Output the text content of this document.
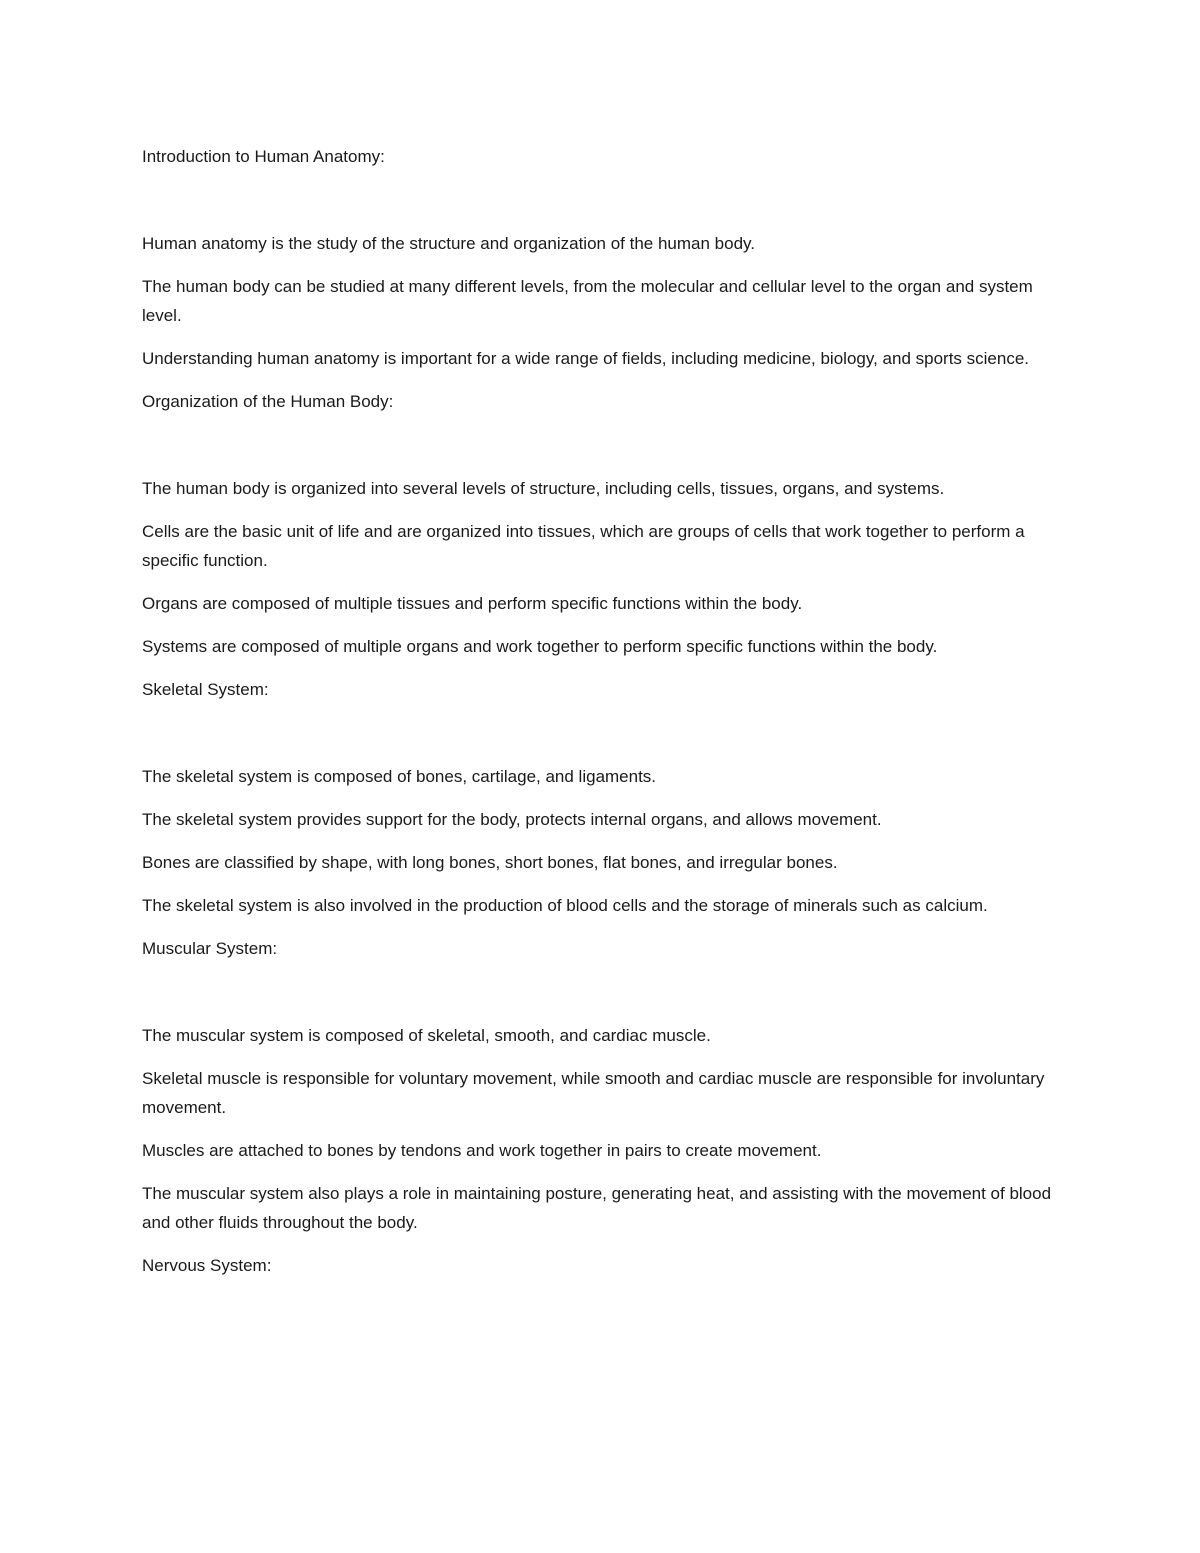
Introduction to Human Anatomy:

Human anatomy is the study of the structure and organization of the human body.

The human body can be studied at many different levels, from the molecular and cellular level to the organ and system level.

Understanding human anatomy is important for a wide range of fields, including medicine, biology, and sports science.

Organization of the Human Body:

The human body is organized into several levels of structure, including cells, tissues, organs, and systems.

Cells are the basic unit of life and are organized into tissues, which are groups of cells that work together to perform a specific function.

Organs are composed of multiple tissues and perform specific functions within the body.

Systems are composed of multiple organs and work together to perform specific functions within the body.

Skeletal System:

The skeletal system is composed of bones, cartilage, and ligaments.

The skeletal system provides support for the body, protects internal organs, and allows movement.

Bones are classified by shape, with long bones, short bones, flat bones, and irregular bones.

The skeletal system is also involved in the production of blood cells and the storage of minerals such as calcium.

Muscular System:

The muscular system is composed of skeletal, smooth, and cardiac muscle.

Skeletal muscle is responsible for voluntary movement, while smooth and cardiac muscle are responsible for involuntary movement.

Muscles are attached to bones by tendons and work together in pairs to create movement.

The muscular system also plays a role in maintaining posture, generating heat, and assisting with the movement of blood and other fluids throughout the body.

Nervous System:
